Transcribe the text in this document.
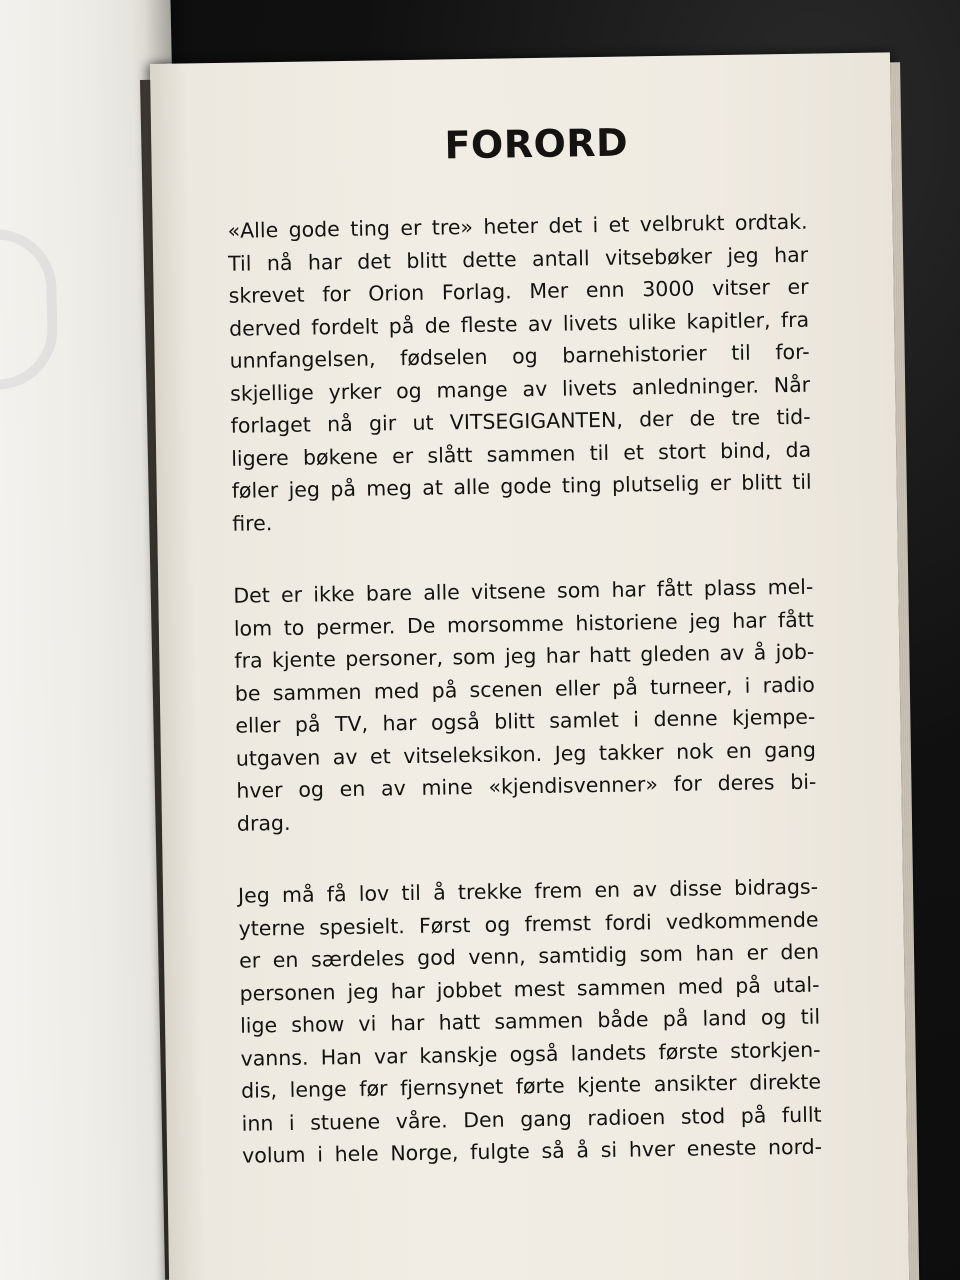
FORORD
«Alle gode ting er tre» heter det i et velbrukt ordtak.
Til nå har det blitt dette antall vitsebøker jeg har
skrevet for Orion Forlag. Mer enn 3000 vitser er
derved fordelt på de fleste av livets ulike kapitler, fra
unnfangelsen, fødselen og barnehistorier til for-
skjellige yrker og mange av livets anledninger. Når
forlaget nå gir ut VITSEGIGANTEN, der de tre tid-
ligere bøkene er slått sammen til et stort bind, da
føler jeg på meg at alle gode ting plutselig er blitt til
fire.
Det er ikke bare alle vitsene som har fått plass mel-
lom to permer. De morsomme historiene jeg har fått
fra kjente personer, som jeg har hatt gleden av å job-
be sammen med på scenen eller på turneer, i radio
eller på TV, har også blitt samlet i denne kjempe-
utgaven av et vitseleksikon. Jeg takker nok en gang
hver og en av mine «kjendisvenner» for deres bi-
drag.
Jeg må få lov til å trekke frem en av disse bidrags-
yterne spesielt. Først og fremst fordi vedkommende
er en særdeles god venn, samtidig som han er den
personen jeg har jobbet mest sammen med på utal-
lige show vi har hatt sammen både på land og til
vanns. Han var kanskje også landets første storkjen-
dis, lenge før fjernsynet førte kjente ansikter direkte
inn i stuene våre. Den gang radioen stod på fullt
volum i hele Norge, fulgte så å si hver eneste nord-
